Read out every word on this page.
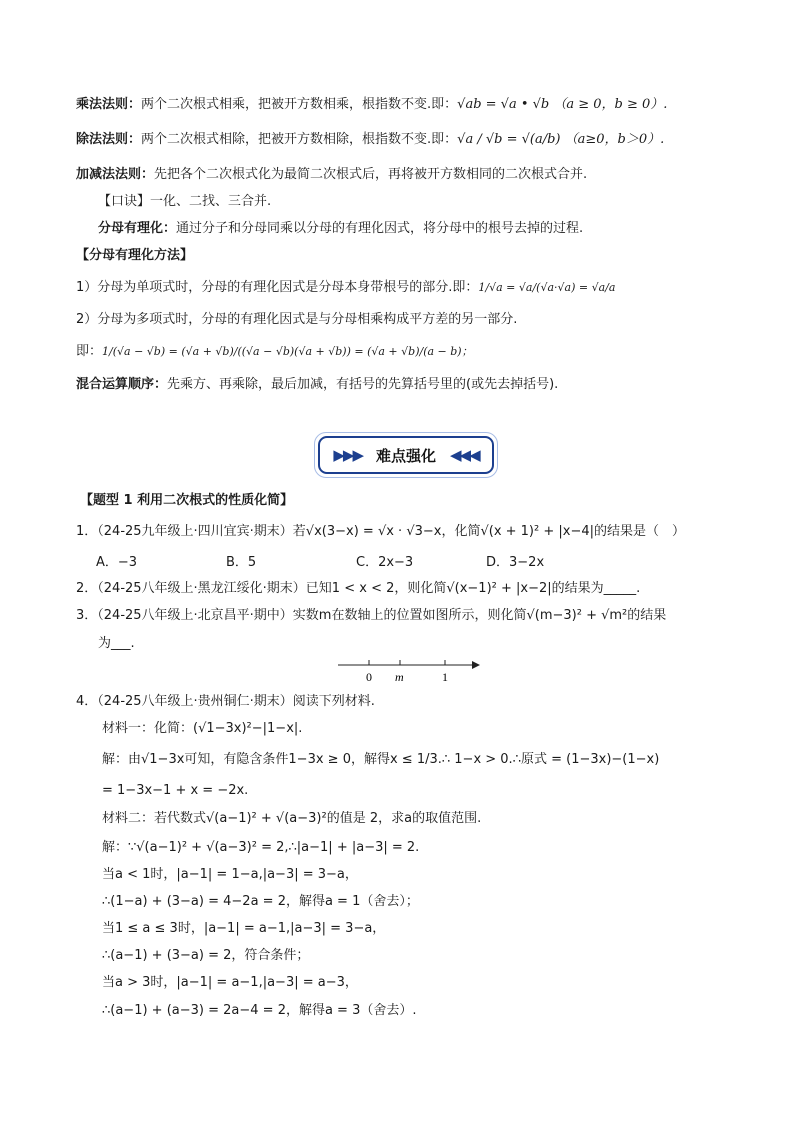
乘法法则：两个二次根式相乘，把被开方数相乘，根指数不变.即：√ab = √a • √b （a ≥ 0，b ≥ 0）.
除法法则：两个二次根式相除，把被开方数相除，根指数不变.即：√a / √b = √(a/b) （a≥0，b＞0）.
加减法法则：先把各个二次根式化为最简二次根式后，再将被开方数相同的二次根式合并.
【口诀】一化、二找、三合并.
分母有理化：通过分子和分母同乘以分母的有理化因式，将分母中的根号去掉的过程.
【分母有理化方法】
1）分母为单项式时，分母的有理化因式是分母本身带根号的部分.即：1/√a = √a/(√a·√a) = √a/a
2）分母为多项式时，分母的有理化因式是与分母相乘构成平方差的另一部分.
即：1/(√a − √b) = (√a + √b)/((√a − √b)(√a + √b)) = (√a + √b)/(a − b)；
混合运算顺序：先乘方、再乘除，最后加减，有括号的先算括号里的(或先去掉括号).
▶▶▶ 难点强化 ◀◀◀
【题型 1 利用二次根式的性质化简】
1．（24-25九年级上·四川宜宾·期末）若√x(3−x) = √x · √3−x，化简√(x + 1)² + |x−4|的结果是（　）
A．−3	B．5	C．2x−3	D．3−2x
2．（24-25八年级上·黑龙江绥化·期末）已知1 < x < 2，则化简√(x−1)² + |x−2|的结果为_____.
3．（24-25八年级上·北京昌平·期中）实数m在数轴上的位置如图所示，则化简√(m−3)² + √m²的结果
为___.
0 m	1
4．（24-25八年级上·贵州铜仁·期末）阅读下列材料.
材料一：化简：(√1−3x)²−|1−x|.
解：由√1−3x可知，有隐含条件1−3x ≥ 0，解得x ≤ 1/3.∴ 1−x > 0.∴原式 = (1−3x)−(1−x)
= 1−3x−1 + x = −2x.
材料二：若代数式√(a−1)² + √(a−3)²的值是 2，求a的取值范围.
解：∵√(a−1)² + √(a−3)² = 2,∴|a−1| + |a−3| = 2.
当a < 1时，|a−1| = 1−a,|a−3| = 3−a，
∴(1−a) + (3−a) = 4−2a = 2，解得a = 1（舍去）；
当1 ≤ a ≤ 3时，|a−1| = a−1,|a−3| = 3−a，
∴(a−1) + (3−a) = 2，符合条件；
当a > 3时，|a−1| = a−1,|a−3| = a−3，
∴(a−1) + (a−3) = 2a−4 = 2，解得a = 3（舍去）.
